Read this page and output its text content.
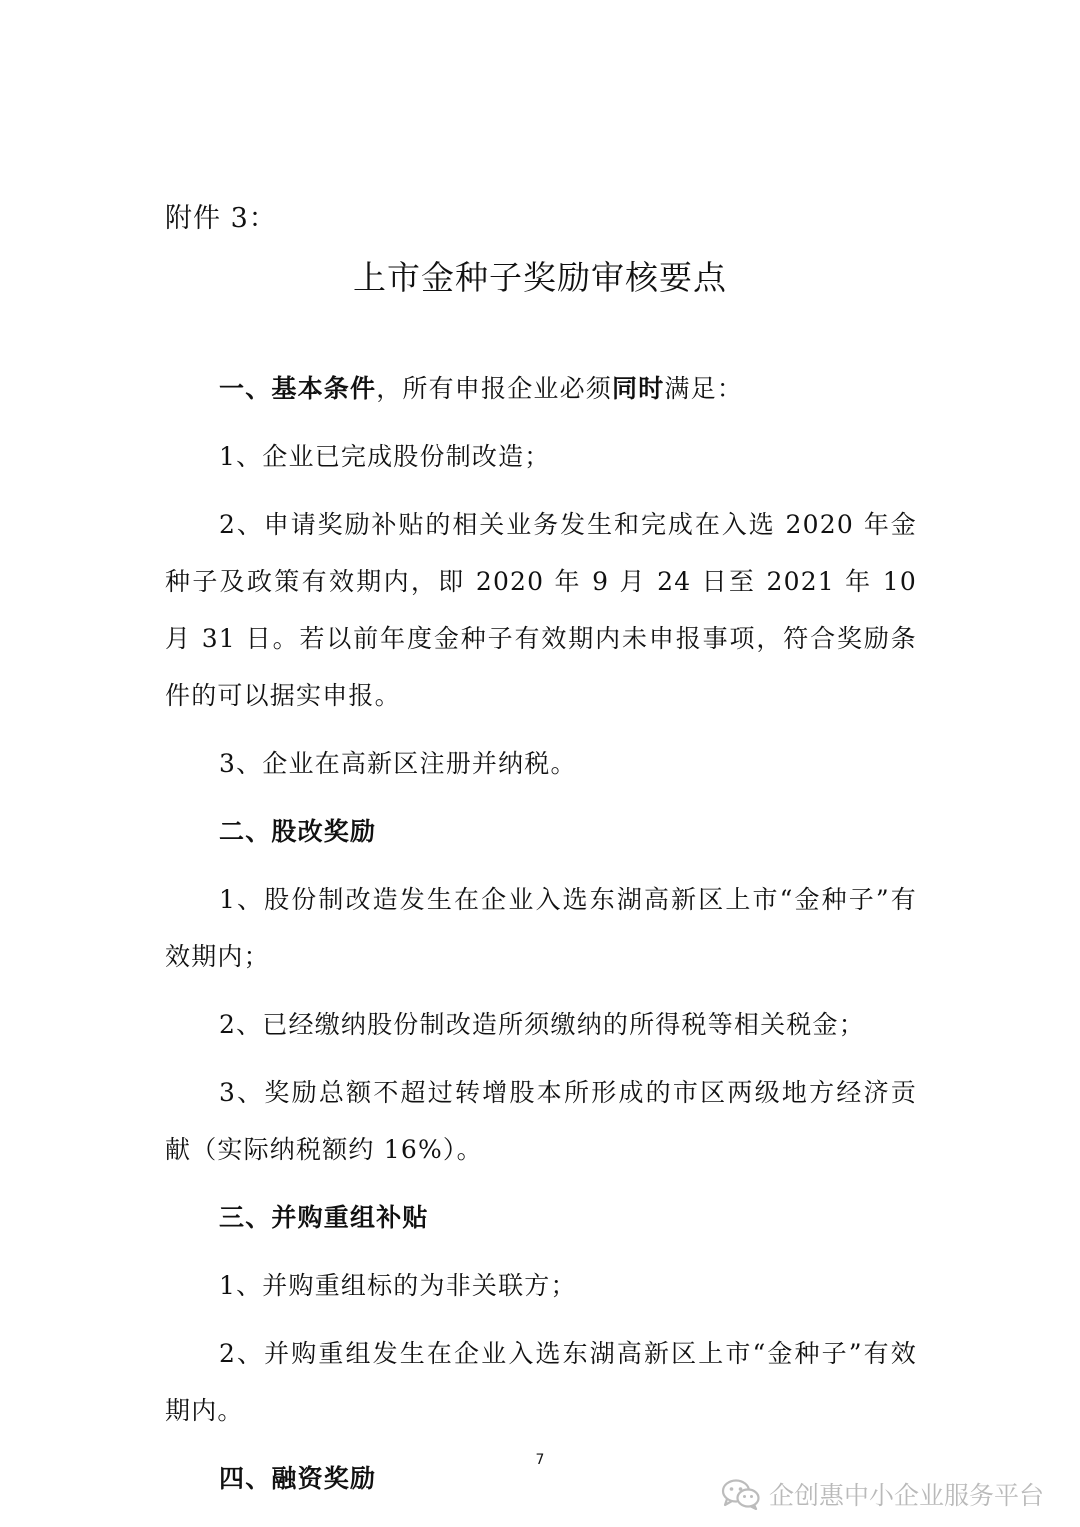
附件 3：
上市金种子奖励审核要点

一、基本条件，所有申报企业必须同时满足：

1、企业已完成股份制改造；

2、申请奖励补贴的相关业务发生和完成在入选 2020 年金种子及政策有效期内，即 2020 年 9 月 24 日至 2021 年 10 月 31 日。若以前年度金种子有效期内未申报事项，符合奖励条件的可以据实申报。

3、企业在高新区注册并纳税。

二、股改奖励

1、股份制改造发生在企业入选东湖高新区上市“金种子”有效期内；

2、已经缴纳股份制改造所须缴纳的所得税等相关税金；

3、奖励总额不超过转增股本所形成的市区两级地方经济贡献（实际纳税额约 16%）。

三、并购重组补贴

1、并购重组标的为非关联方；

2、并购重组发生在企业入选东湖高新区上市“金种子”有效期内。

四、融资奖励

7
企创惠中小企业服务平台
